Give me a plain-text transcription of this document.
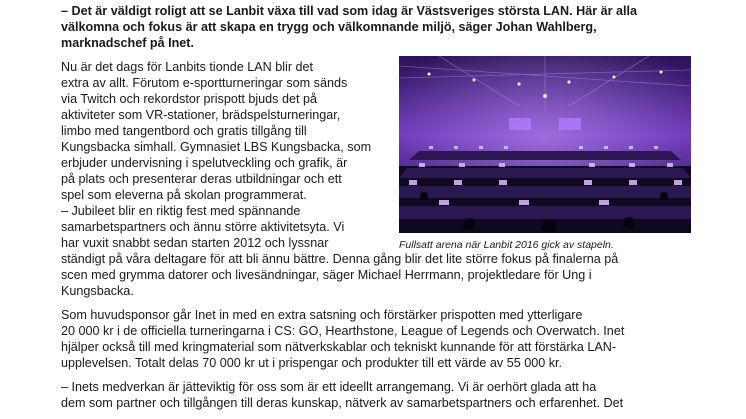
– Det är väldigt roligt att se Lanbit växa till vad som idag är Västsveriges största LAN. Här är alla
välkomna och fokus är att skapa en trygg och välkomnande miljö, säger Johan Wahlberg,
marknadschef på Inet.
Nu är det dags för Lanbits tionde LAN blir det
extra av allt. Förutom e-sportturneringar som sänds
via Twitch och rekordstor prispott bjuds det på
aktiviteter som VR-stationer, brädspelsturneringar,
limbo med tangentbord och gratis tillgång till
Kungsbacka simhall. Gymnasiet LBS Kungsbacka, som
erbjuder undervisning i spelutveckling och grafik, är
på plats och presenterar deras utbildningar och ett
spel som eleverna på skolan programmerat.
– Jubileet blir en riktig fest med spännande
samarbetspartners och ännu större aktivitetsyta. Vi
har vuxit snabbt sedan starten 2012 och lyssnar
ständigt på våra deltagare för att bli ännu bättre. Denna gång blir det lite större fokus på finalerna på
scen med grymma datorer och livesändningar, säger Michael Herrmann, projektledare för Ung i
Kungsbacka.
Som huvudsponsor går Inet in med en extra satsning och förstärker prispotten med ytterligare
20 000 kr i de officiella turneringarna i CS: GO, Hearthstone, League of Legends och Overwatch. Inet
hjälper också till med kringmaterial som nätverkskablar och tekniskt kunnande för att förstärka LAN-
upplevelsen. Totalt delas 70 000 kr ut i prispengar och produkter till ett värde av 55 000 kr.
– Inets medverkan är jätteviktig för oss som är ett ideellt arrangemang. Vi är oerhört glada att ha
dem som partner och tillgången till deras kunskap, nätverk av samarbetspartners och erfarenhet. Det
Fullsatt arena när Lanbit 2016 gick av stapeln.
